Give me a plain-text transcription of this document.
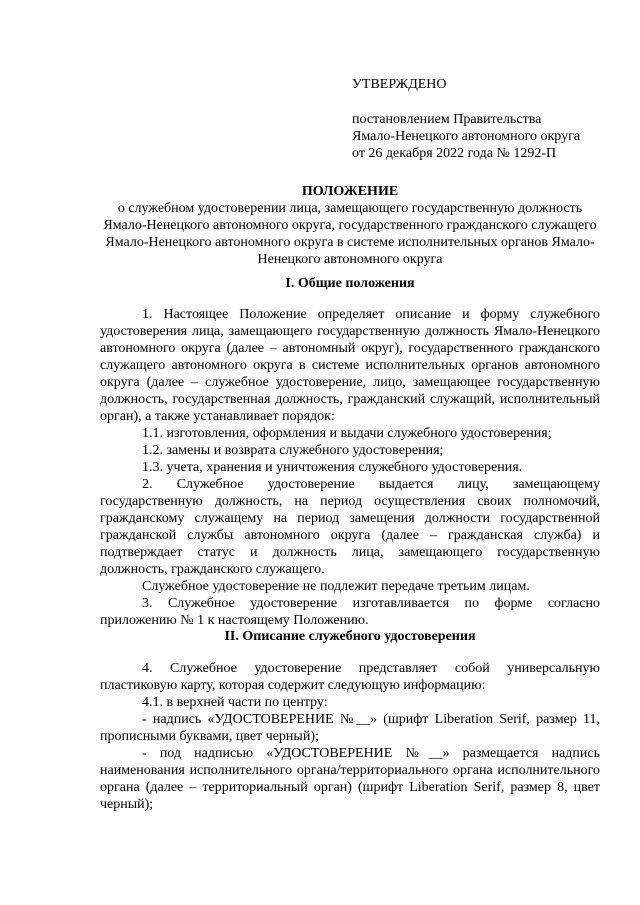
УТВЕРЖДЕНО
постановлением Правительства
Ямало-Ненецкого автономного округа
от 26 декабря 2022 года № 1292-П
ПОЛОЖЕНИЕ
о служебном удостоверении лица, замещающего государственную должность Ямало-Ненецкого автономного округа, государственного гражданского служащего Ямало-Ненецкого автономного округа в системе исполнительных органов Ямало-Ненецкого автономного округа
I. Общие положения

1. Настоящее Положение определяет описание и форму служебного удостоверения лица, замещающего государственную должность Ямало-Ненецкого автономного округа (далее – автономный округ), государственного гражданского служащего автономного округа в системе исполнительных органов автономного округа (далее – служебное удостоверение, лицо, замещающее государственную должность, государственная должность, гражданский служащий, исполнительный орган), а также устанавливает порядок:

1.1. изготовления, оформления и выдачи служебного удостоверения;

1.2. замены и возврата служебного удостоверения;

1.3. учета, хранения и уничтожения служебного удостоверения.

2. Служебное удостоверение выдается лицу, замещающему государственную должность, на период осуществления своих полномочий, гражданскому служащему на период замещения должности государственной гражданской службы автономного округа (далее – гражданская служба) и подтверждает статус и должность лица, замещающего государственную должность, гражданского служащего.

Служебное удостоверение не подлежит передаче третьим лицам.

3. Служебное удостоверение изготавливается по форме согласно приложению № 1 к настоящему Положению.

II. Описание служебного удостоверения

4. Служебное удостоверение представляет собой универсальную пластиковую карту, которая содержит следующую информацию:

4.1. в верхней части по центру:

- надпись «УДОСТОВЕРЕНИЕ №__» (шрифт Liberation Serif, размер 11, прописными буквами, цвет черный);

- под надписью «УДОСТОВЕРЕНИЕ №__» размещается надпись наименования исполнительного органа/территориального органа исполнительного органа (далее – территориальный орган) (шрифт Liberation Serif, размер 8, цвет черный);
